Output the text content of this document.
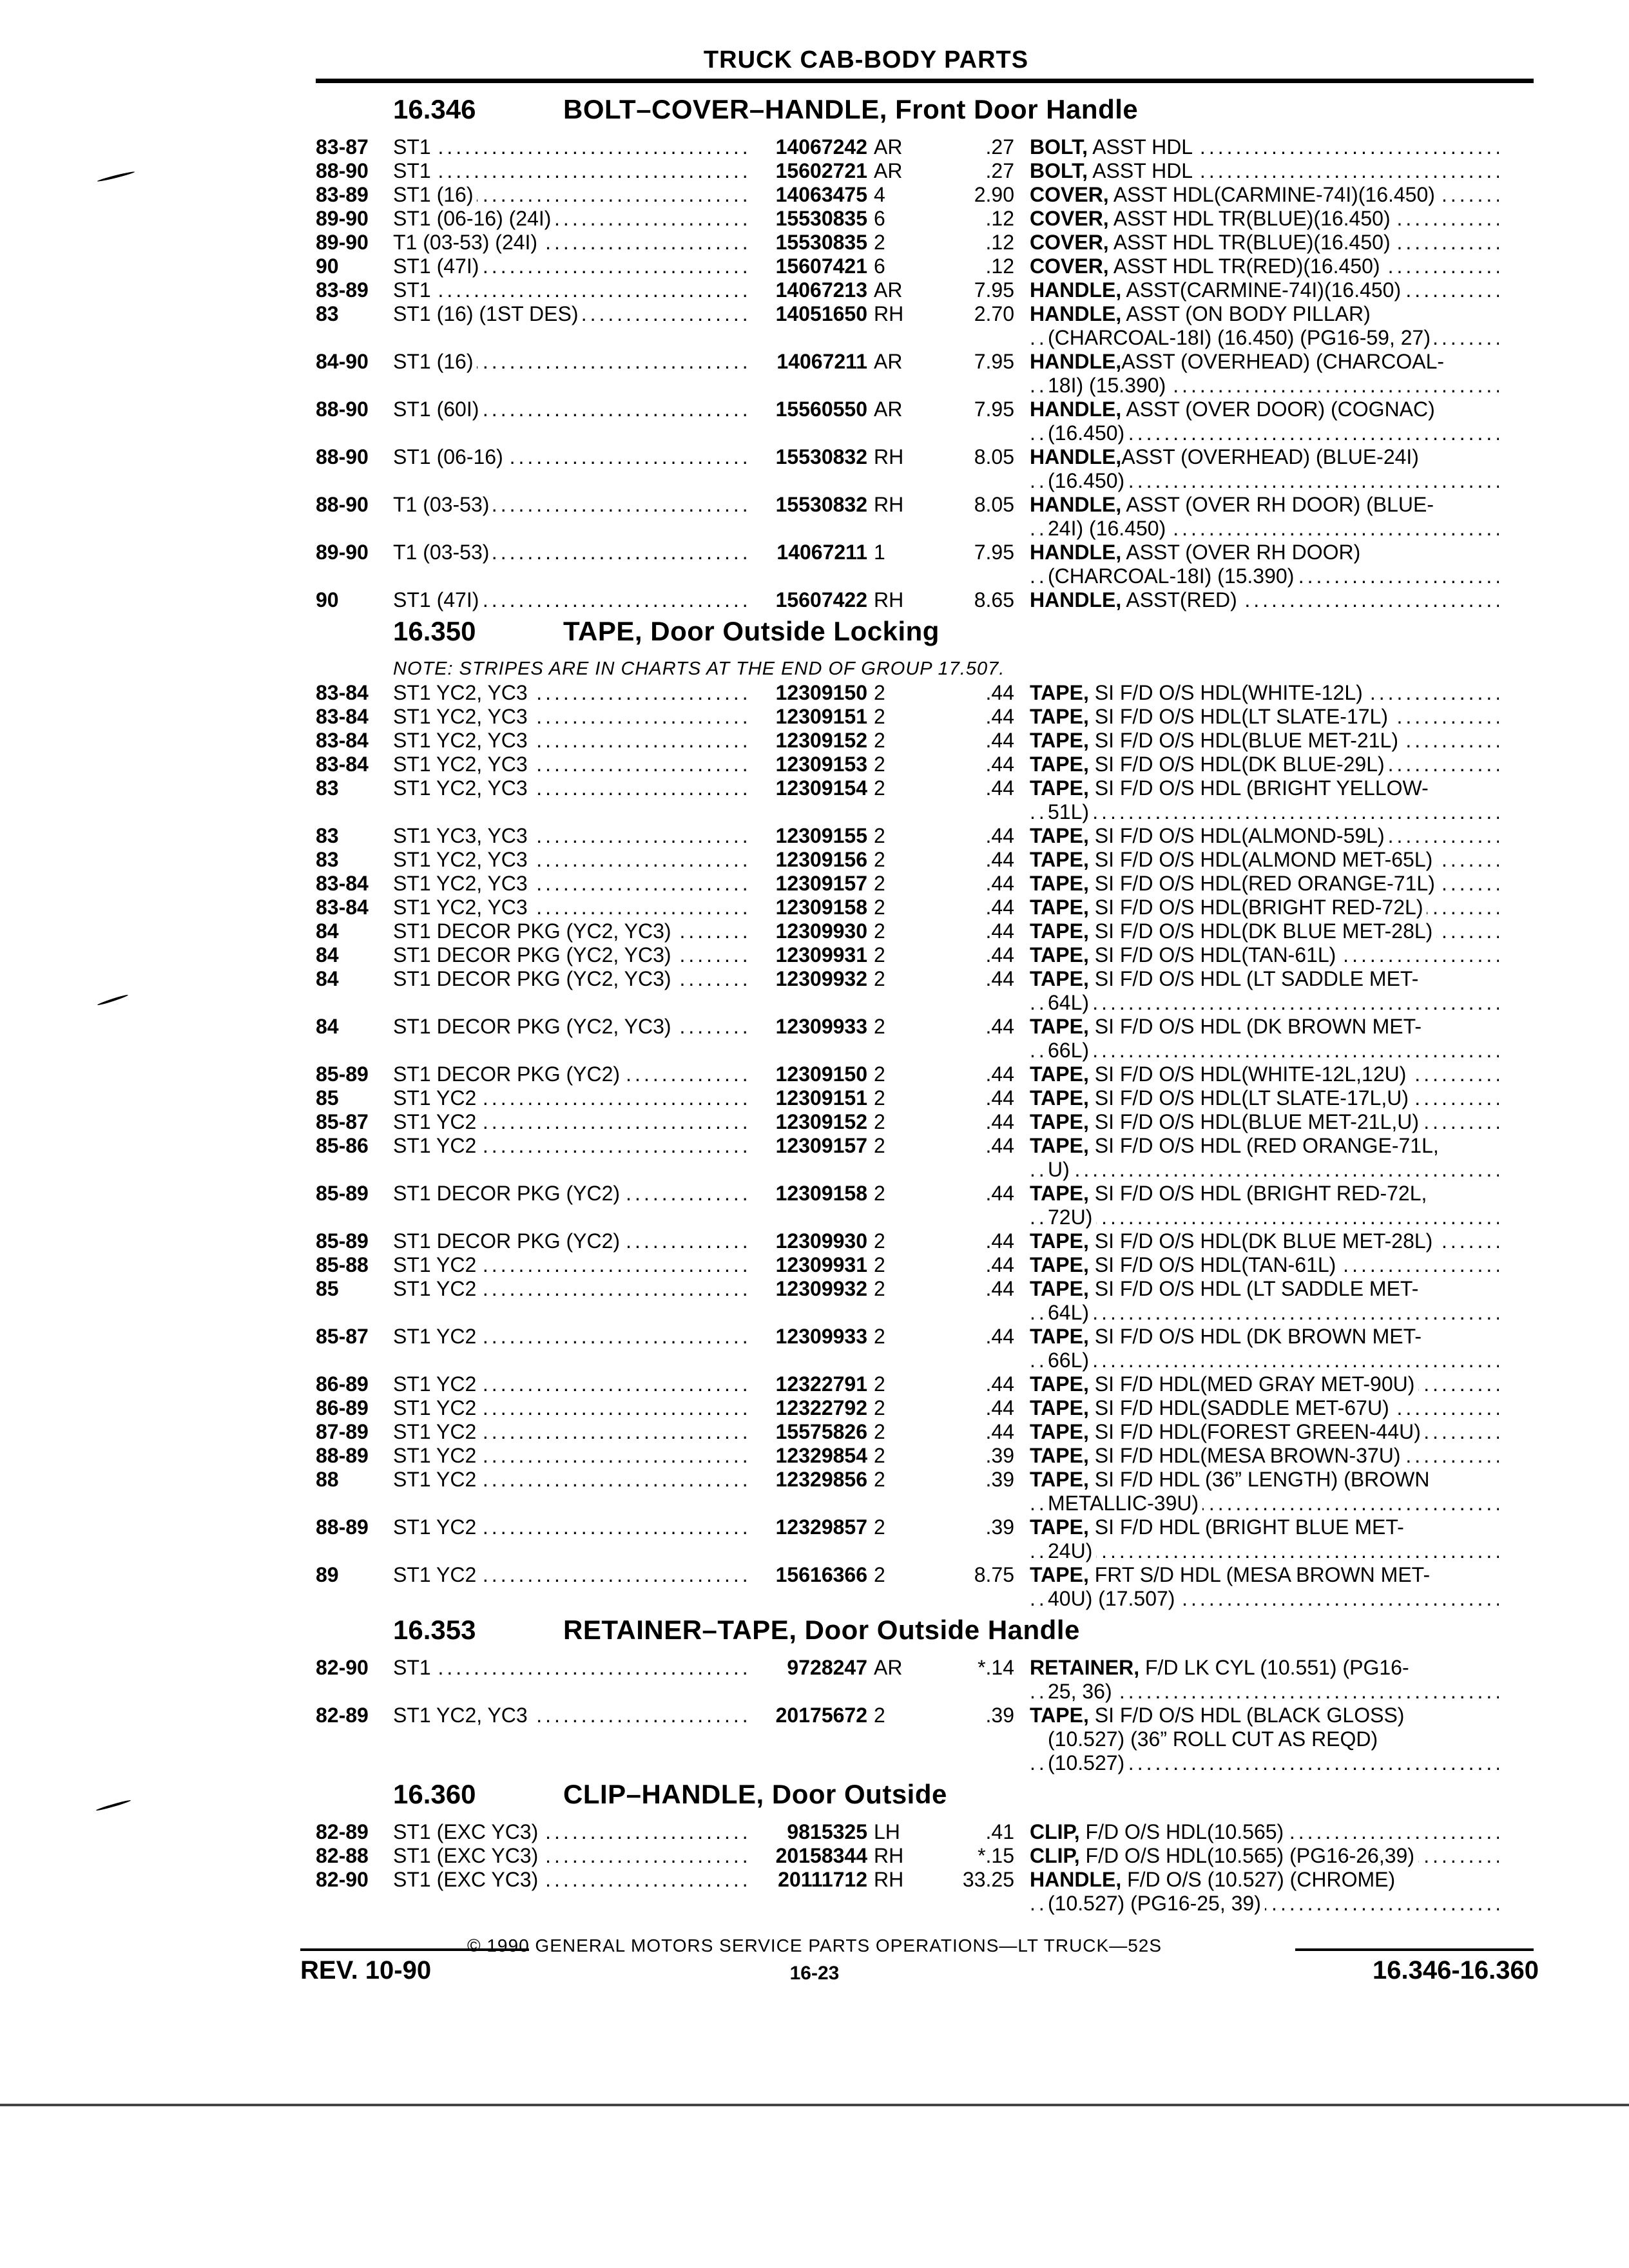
TRUCK CAB-BODY PARTS
16.346	BOLT–COVER–HANDLE, Front Door Handle
83-87	ST1 .....	14067242 AR	.27 BOLT, ASST HDL .....
88-90	ST1 .....	15602721 AR	.27 BOLT, ASST HDL .....
83-89	ST1 (16) .....	14063475 4	2.90 COVER, ASST HDL(CARMINE-74I)(16.450) .....
89-90	ST1 (06-16) (24I) .....	15530835 6	.12 COVER, ASST HDL TR(BLUE)(16.450) .....
89-90	T1 (03-53) (24I) .....	15530835 2	.12 COVER, ASST HDL TR(BLUE)(16.450) .....
90	ST1 (47I) .....	15607421 6	.12 COVER, ASST HDL TR(RED)(16.450) .....
83-89	ST1 .....	14067213 AR	7.95 HANDLE, ASST(CARMINE-74I)(16.450) .....
83	ST1 (16) (1ST DES) .....	14051650 RH	2.70 HANDLE, ASST (ON BODY PILLAR)
(CHARCOAL-18I) (16.450) (PG16-59, 27) .....
84-90	ST1 (16) .....	14067211 AR	7.95 HANDLE,ASST (OVERHEAD) (CHARCOAL-
18I) (15.390) .....
88-90	ST1 (60I) .....	15560550 AR	7.95 HANDLE, ASST (OVER DOOR) (COGNAC)
(16.450) .....
88-90	ST1 (06-16) .....	15530832 RH	8.05 HANDLE,ASST (OVERHEAD) (BLUE-24I)
(16.450) .....
88-90	T1 (03-53) .....	15530832 RH	8.05 HANDLE, ASST (OVER RH DOOR) (BLUE-
24I) (16.450) .....
89-90	T1 (03-53) .....	14067211 1	7.95 HANDLE, ASST (OVER RH DOOR)
(CHARCOAL-18I) (15.390) .....
90	ST1 (47I) .....	15607422 RH	8.65 HANDLE, ASST(RED) .....
16.350	TAPE, Door Outside Locking
NOTE: STRIPES ARE IN CHARTS AT THE END OF GROUP 17.507.
83-84	ST1 YC2, YC3 .....	12309150 2	.44 TAPE, SI F/D O/S HDL(WHITE-12L) .....
83-84	ST1 YC2, YC3 .....	12309151 2	.44 TAPE, SI F/D O/S HDL(LT SLATE-17L) .....
83-84	ST1 YC2, YC3 .....	12309152 2	.44 TAPE, SI F/D O/S HDL(BLUE MET-21L) .....
83-84	ST1 YC2, YC3 .....	12309153 2	.44 TAPE, SI F/D O/S HDL(DK BLUE-29L) .....
83	ST1 YC2, YC3 .....	12309154 2	.44 TAPE, SI F/D O/S HDL (BRIGHT YELLOW-
51L) .....
83	ST1 YC3, YC3 .....	12309155 2	.44 TAPE, SI F/D O/S HDL(ALMOND-59L) .....
83	ST1 YC2, YC3 .....	12309156 2	.44 TAPE, SI F/D O/S HDL(ALMOND MET-65L) .....
83-84	ST1 YC2, YC3 .....	12309157 2	.44 TAPE, SI F/D O/S HDL(RED ORANGE-71L) .....
83-84	ST1 YC2, YC3 .....	12309158 2	.44 TAPE, SI F/D O/S HDL(BRIGHT RED-72L) .....
84	ST1 DECOR PKG (YC2, YC3) .....	12309930 2	.44 TAPE, SI F/D O/S HDL(DK BLUE MET-28L) .....
84	ST1 DECOR PKG (YC2, YC3) .....	12309931 2	.44 TAPE, SI F/D O/S HDL(TAN-61L) .....
84	ST1 DECOR PKG (YC2, YC3) .....	12309932 2	.44 TAPE, SI F/D O/S HDL (LT SADDLE MET-
64L) .....
84	ST1 DECOR PKG (YC2, YC3) .....	12309933 2	.44 TAPE, SI F/D O/S HDL (DK BROWN MET-
66L) .....
85-89	ST1 DECOR PKG (YC2) .....	12309150 2	.44 TAPE, SI F/D O/S HDL(WHITE-12L,12U) .....
85	ST1 YC2 .....	12309151 2	.44 TAPE, SI F/D O/S HDL(LT SLATE-17L,U) .....
85-87	ST1 YC2 .....	12309152 2	.44 TAPE, SI F/D O/S HDL(BLUE MET-21L,U) .....
85-86	ST1 YC2 .....	12309157 2	.44 TAPE, SI F/D O/S HDL (RED ORANGE-71L,
U) .....
85-89	ST1 DECOR PKG (YC2) .....	12309158 2	.44 TAPE, SI F/D O/S HDL (BRIGHT RED-72L,
72U) .....
85-89	ST1 DECOR PKG (YC2) .....	12309930 2	.44 TAPE, SI F/D O/S HDL(DK BLUE MET-28L) .....
85-88	ST1 YC2 .....	12309931 2	.44 TAPE, SI F/D O/S HDL(TAN-61L) .....
85	ST1 YC2 .....	12309932 2	.44 TAPE, SI F/D O/S HDL (LT SADDLE MET-
64L) .....
85-87	ST1 YC2 .....	12309933 2	.44 TAPE, SI F/D O/S HDL (DK BROWN MET-
66L) .....
86-89	ST1 YC2 .....	12322791 2	.44 TAPE, SI F/D HDL(MED GRAY MET-90U) .....
86-89	ST1 YC2 .....	12322792 2	.44 TAPE, SI F/D HDL(SADDLE MET-67U) .....
87-89	ST1 YC2 .....	15575826 2	.44 TAPE, SI F/D HDL(FOREST GREEN-44U) .....
88-89	ST1 YC2 .....	12329854 2	.39 TAPE, SI F/D HDL(MESA BROWN-37U) .....
88	ST1 YC2 .....	12329856 2	.39 TAPE, SI F/D HDL (36” LENGTH) (BROWN
METALLIC-39U) .....
88-89	ST1 YC2 .....	12329857 2	.39 TAPE, SI F/D HDL (BRIGHT BLUE MET-
24U) .....
89	ST1 YC2 .....	15616366 2	8.75 TAPE, FRT S/D HDL (MESA BROWN MET-
40U) (17.507) .....
16.353	RETAINER–TAPE, Door Outside Handle
82-90	ST1 .....	9728247 AR	*.14 RETAINER, F/D LK CYL (10.551) (PG16-
25, 36) .....
82-89	ST1 YC2, YC3 .....	20175672 2	.39 TAPE, SI F/D O/S HDL (BLACK GLOSS)
(10.527) (36” ROLL CUT AS REQD)
(10.527) .....
16.360	CLIP–HANDLE, Door Outside
82-89	ST1 (EXC YC3) .....	9815325 LH	.41 CLIP, F/D O/S HDL(10.565) .....
82-88	ST1 (EXC YC3) .....	20158344 RH	*.15 CLIP, F/D O/S HDL(10.565) (PG16-26,39) .....
82-90	ST1 (EXC YC3) .....	20111712 RH	33.25 HANDLE, F/D O/S (10.527) (CHROME)
(10.527) (PG16-25, 39) .....
© 1990 GENERAL MOTORS SERVICE PARTS OPERATIONS—LT TRUCK—52S
REV. 10-90	16-23	16.346-16.360
